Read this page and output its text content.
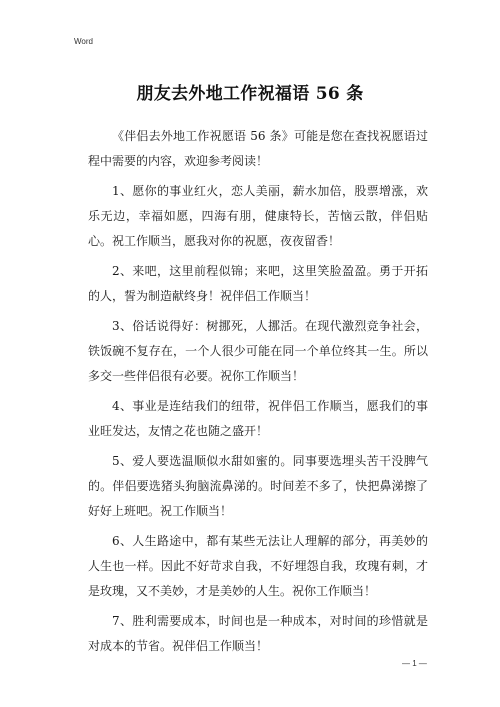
Word
朋友去外地工作祝福语 56 条

《伴侣去外地工作祝愿语 56 条》可能是您在查找祝愿语过程中需要的内容，欢迎参考阅读！

1、愿你的事业红火，恋人美丽，薪水加倍，股票增涨，欢乐无边，幸福如愿，四海有朋，健康特长，苦恼云散，伴侣贴心。祝工作顺当，愿我对你的祝愿，夜夜留香！

2、来吧，这里前程似锦；来吧，这里笑脸盈盈。勇于开拓的人，誓为制造献终身！祝伴侣工作顺当！

3、俗话说得好：树挪死，人挪活。在现代激烈竞争社会，铁饭碗不复存在，一个人很少可能在同一个单位终其一生。所以多交一些伴侣很有必要。祝你工作顺当！

4、事业是连结我们的纽带，祝伴侣工作顺当，愿我们的事业旺发达，友情之花也随之盛开！

5、爱人要选温顺似水甜如蜜的。同事要选埋头苦干没脾气的。伴侣要选猪头狗脑流鼻涕的。时间差不多了，快把鼻涕擦了好好上班吧。祝工作顺当！

6、人生路途中，都有某些无法让人理解的部分，再美妙的人生也一样。因此不好苛求自我，不好埋怨自我，玫瑰有刺，才是玫瑰，又不美妙，才是美妙的人生。祝你工作顺当！

7、胜利需要成本，时间也是一种成本，对时间的珍惜就是对成本的节省。祝伴侣工作顺当！

— 1 —
